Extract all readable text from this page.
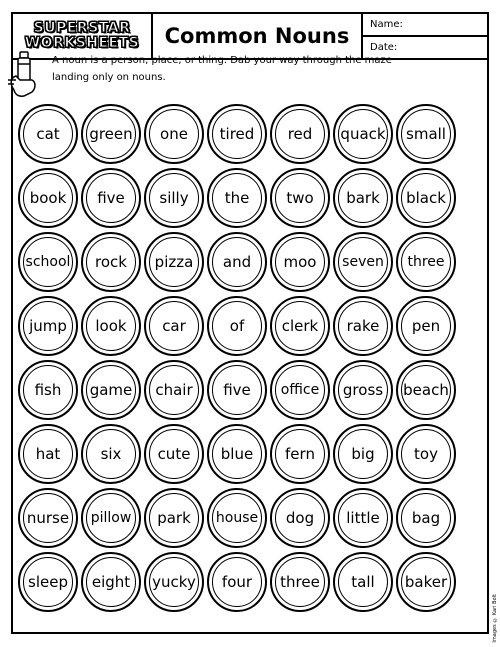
SUPERSTAR
WORKSHEETS	Common Nouns	Name:
Date:
A noun is a person, place, or thing. Dab your way through the maze
landing only on nouns.
cat green one tired red quack small
book five silly the two bark black
school rock pizza and moo seven three
jump look car	of	clerk rake pen
fish game chair five office gross beach
hat	six cute blue fern big	toy
nurse pillow park house dog little bag
sleep eight yucky four three tall baker
Images © Kari Bolt
